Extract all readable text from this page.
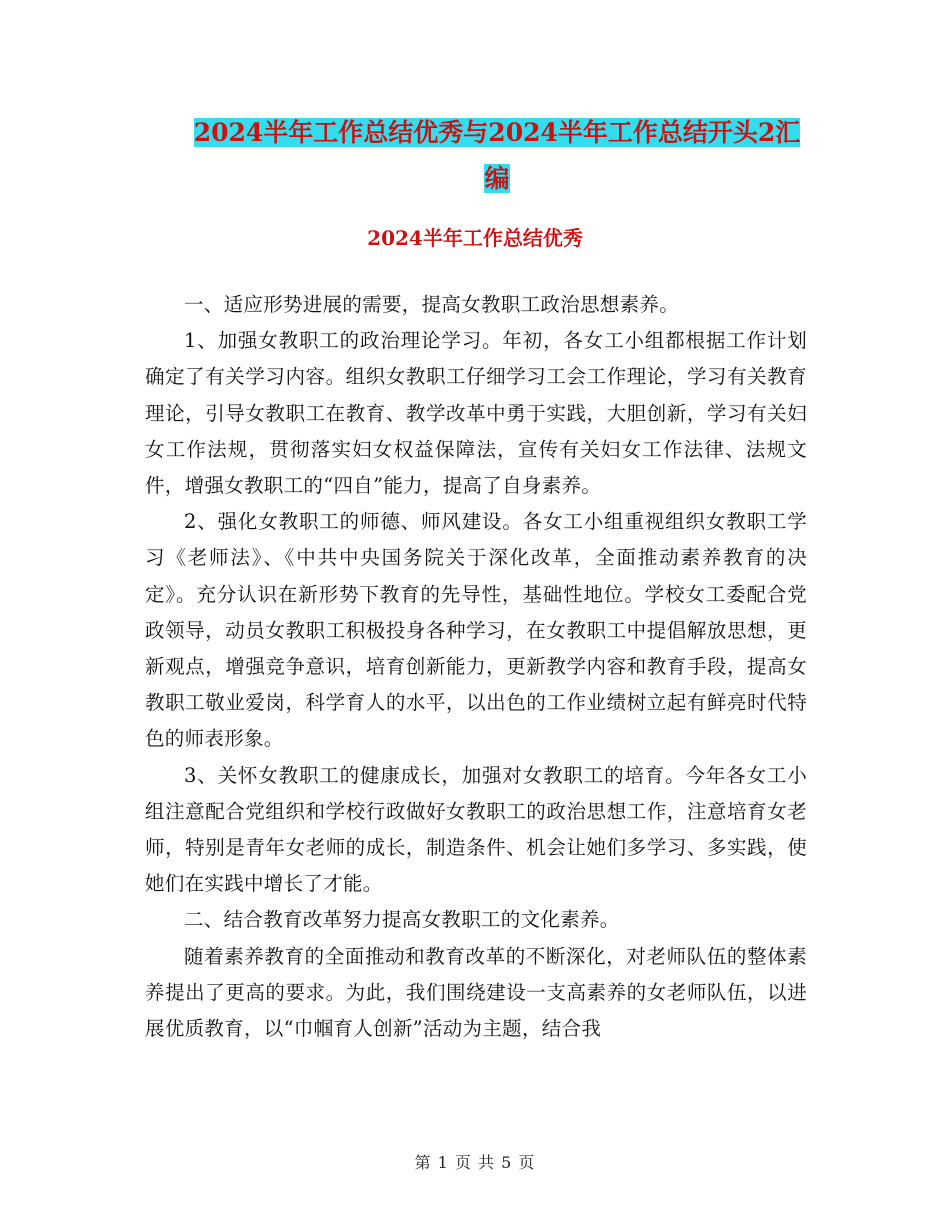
2024半年工作总结优秀与2024半年工作总结开头2汇编
2024半年工作总结优秀

一、适应形势进展的需要，提高女教职工政治思想素养。

1、加强女教职工的政治理论学习。年初，各女工小组都根据工作计划确定了有关学习内容。组织女教职工仔细学习工会工作理论，学习有关教育理论，引导女教职工在教育、教学改革中勇于实践，大胆创新，学习有关妇女工作法规，贯彻落实妇女权益保障法，宣传有关妇女工作法律、法规文件，增强女教职工的“四自”能力，提高了自身素养。

2、强化女教职工的师德、师风建设。各女工小组重视组织女教职工学习《老师法》、《中共中央国务院关于深化改革，全面推动素养教育的决定》。充分认识在新形势下教育的先导性，基础性地位。学校女工委配合党政领导，动员女教职工积极投身各种学习，在女教职工中提倡解放思想，更新观点，增强竞争意识，培育创新能力，更新教学内容和教育手段，提高女教职工敬业爱岗，科学育人的水平，以出色的工作业绩树立起有鲜亮时代特色的师表形象。

3、关怀女教职工的健康成长，加强对女教职工的培育。今年各女工小组注意配合党组织和学校行政做好女教职工的政治思想工作，注意培育女老师，特别是青年女老师的成长，制造条件、机会让她们多学习、多实践，使她们在实践中增长了才能。

二、结合教育改革努力提高女教职工的文化素养。

随着素养教育的全面推动和教育改革的不断深化，对老师队伍的整体素养提出了更高的要求。为此，我们围绕建设一支高素养的女老师队伍，以进展优质教育，以“巾帼育人创新”活动为主题，结合我

第 1 页 共 5 页
